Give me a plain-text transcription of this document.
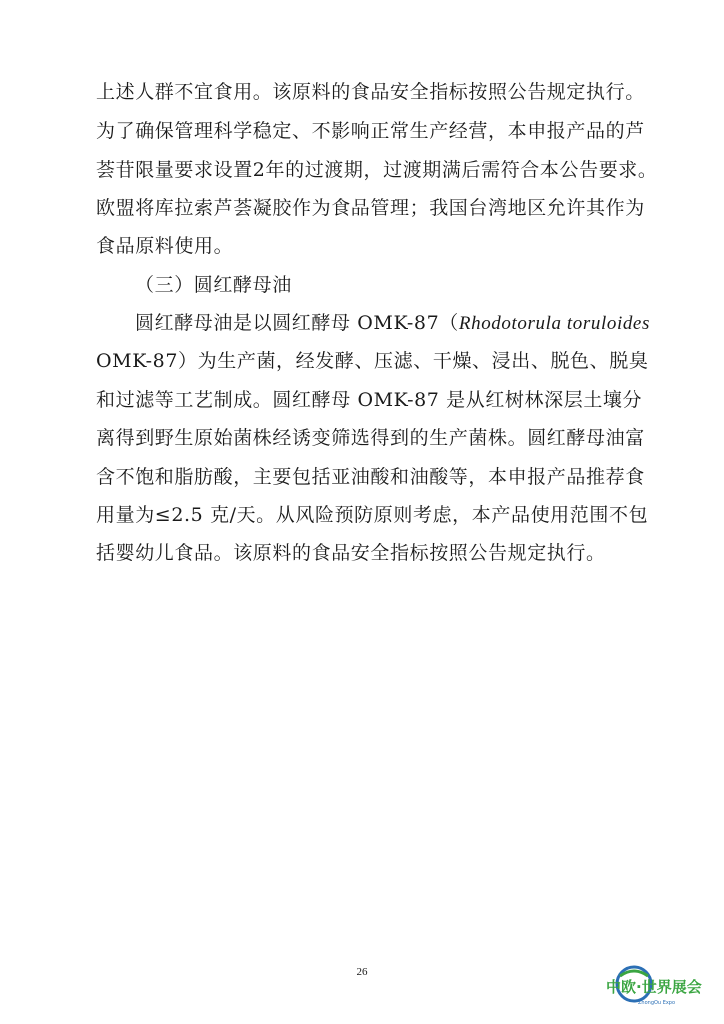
上述人群不宜食用。该原料的食品安全指标按照公告规定执行。
为了确保管理科学稳定、不影响正常生产经营，本申报产品的芦
荟苷限量要求设置2年的过渡期，过渡期满后需符合本公告要求。
欧盟将库拉索芦荟凝胶作为食品管理；我国台湾地区允许其作为
食品原料使用。
（三）圆红酵母油
圆红酵母油是以圆红酵母 OMK-87（Rhodotorula toruloides
OMK-87）为生产菌，经发酵、压滤、干燥、浸出、脱色、脱臭
和过滤等工艺制成。圆红酵母 OMK-87 是从红树林深层土壤分
离得到野生原始菌株经诱变筛选得到的生产菌株。圆红酵母油富
含不饱和脂肪酸，主要包括亚油酸和油酸等，本申报产品推荐食
用量为≤2.5 克/天。从风险预防原则考虑，本产品使用范围不包
括婴幼儿食品。该原料的食品安全指标按照公告规定执行。
26
中欧·世界展会
ZhongOu Expo
